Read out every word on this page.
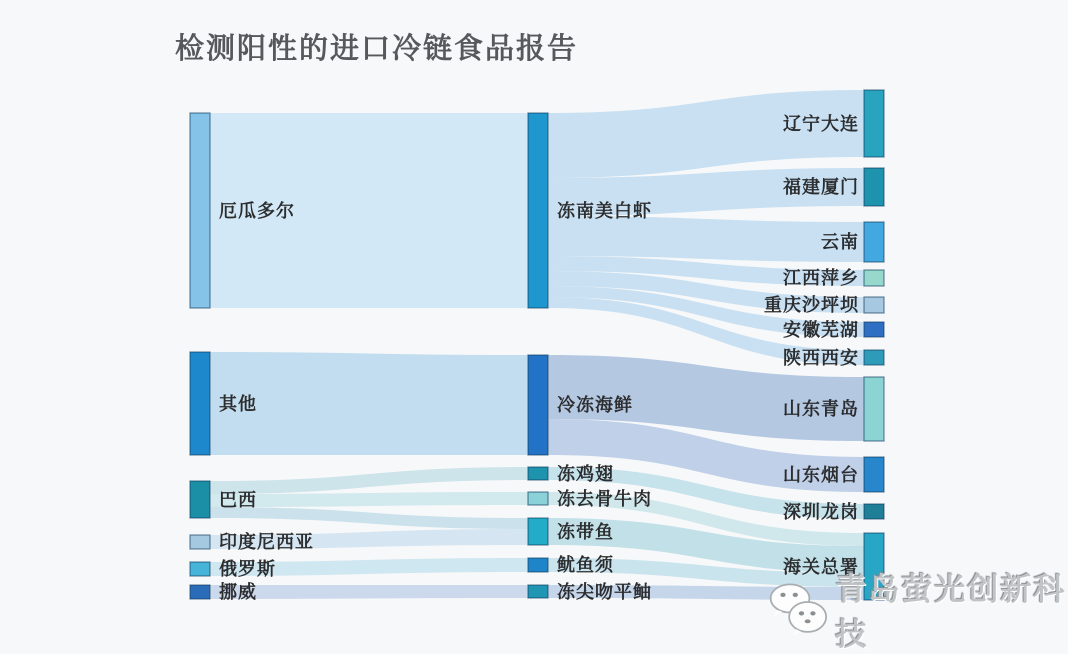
检测阳性的进口冷链食品报告
厄瓜多尔
其他
巴西
印度尼西亚
俄罗斯
挪威
冻南美白虾
冷冻海鲜
冻鸡翅
冻去骨牛肉
冻带鱼
鱿鱼须
冻尖吻平鲉
辽宁大连
福建厦门
云南
江西萍乡
重庆沙坪坝
安徽芜湖
陕西西安
山东青岛
山东烟台
深圳龙岗
海关总署
青岛萤光创新科技
